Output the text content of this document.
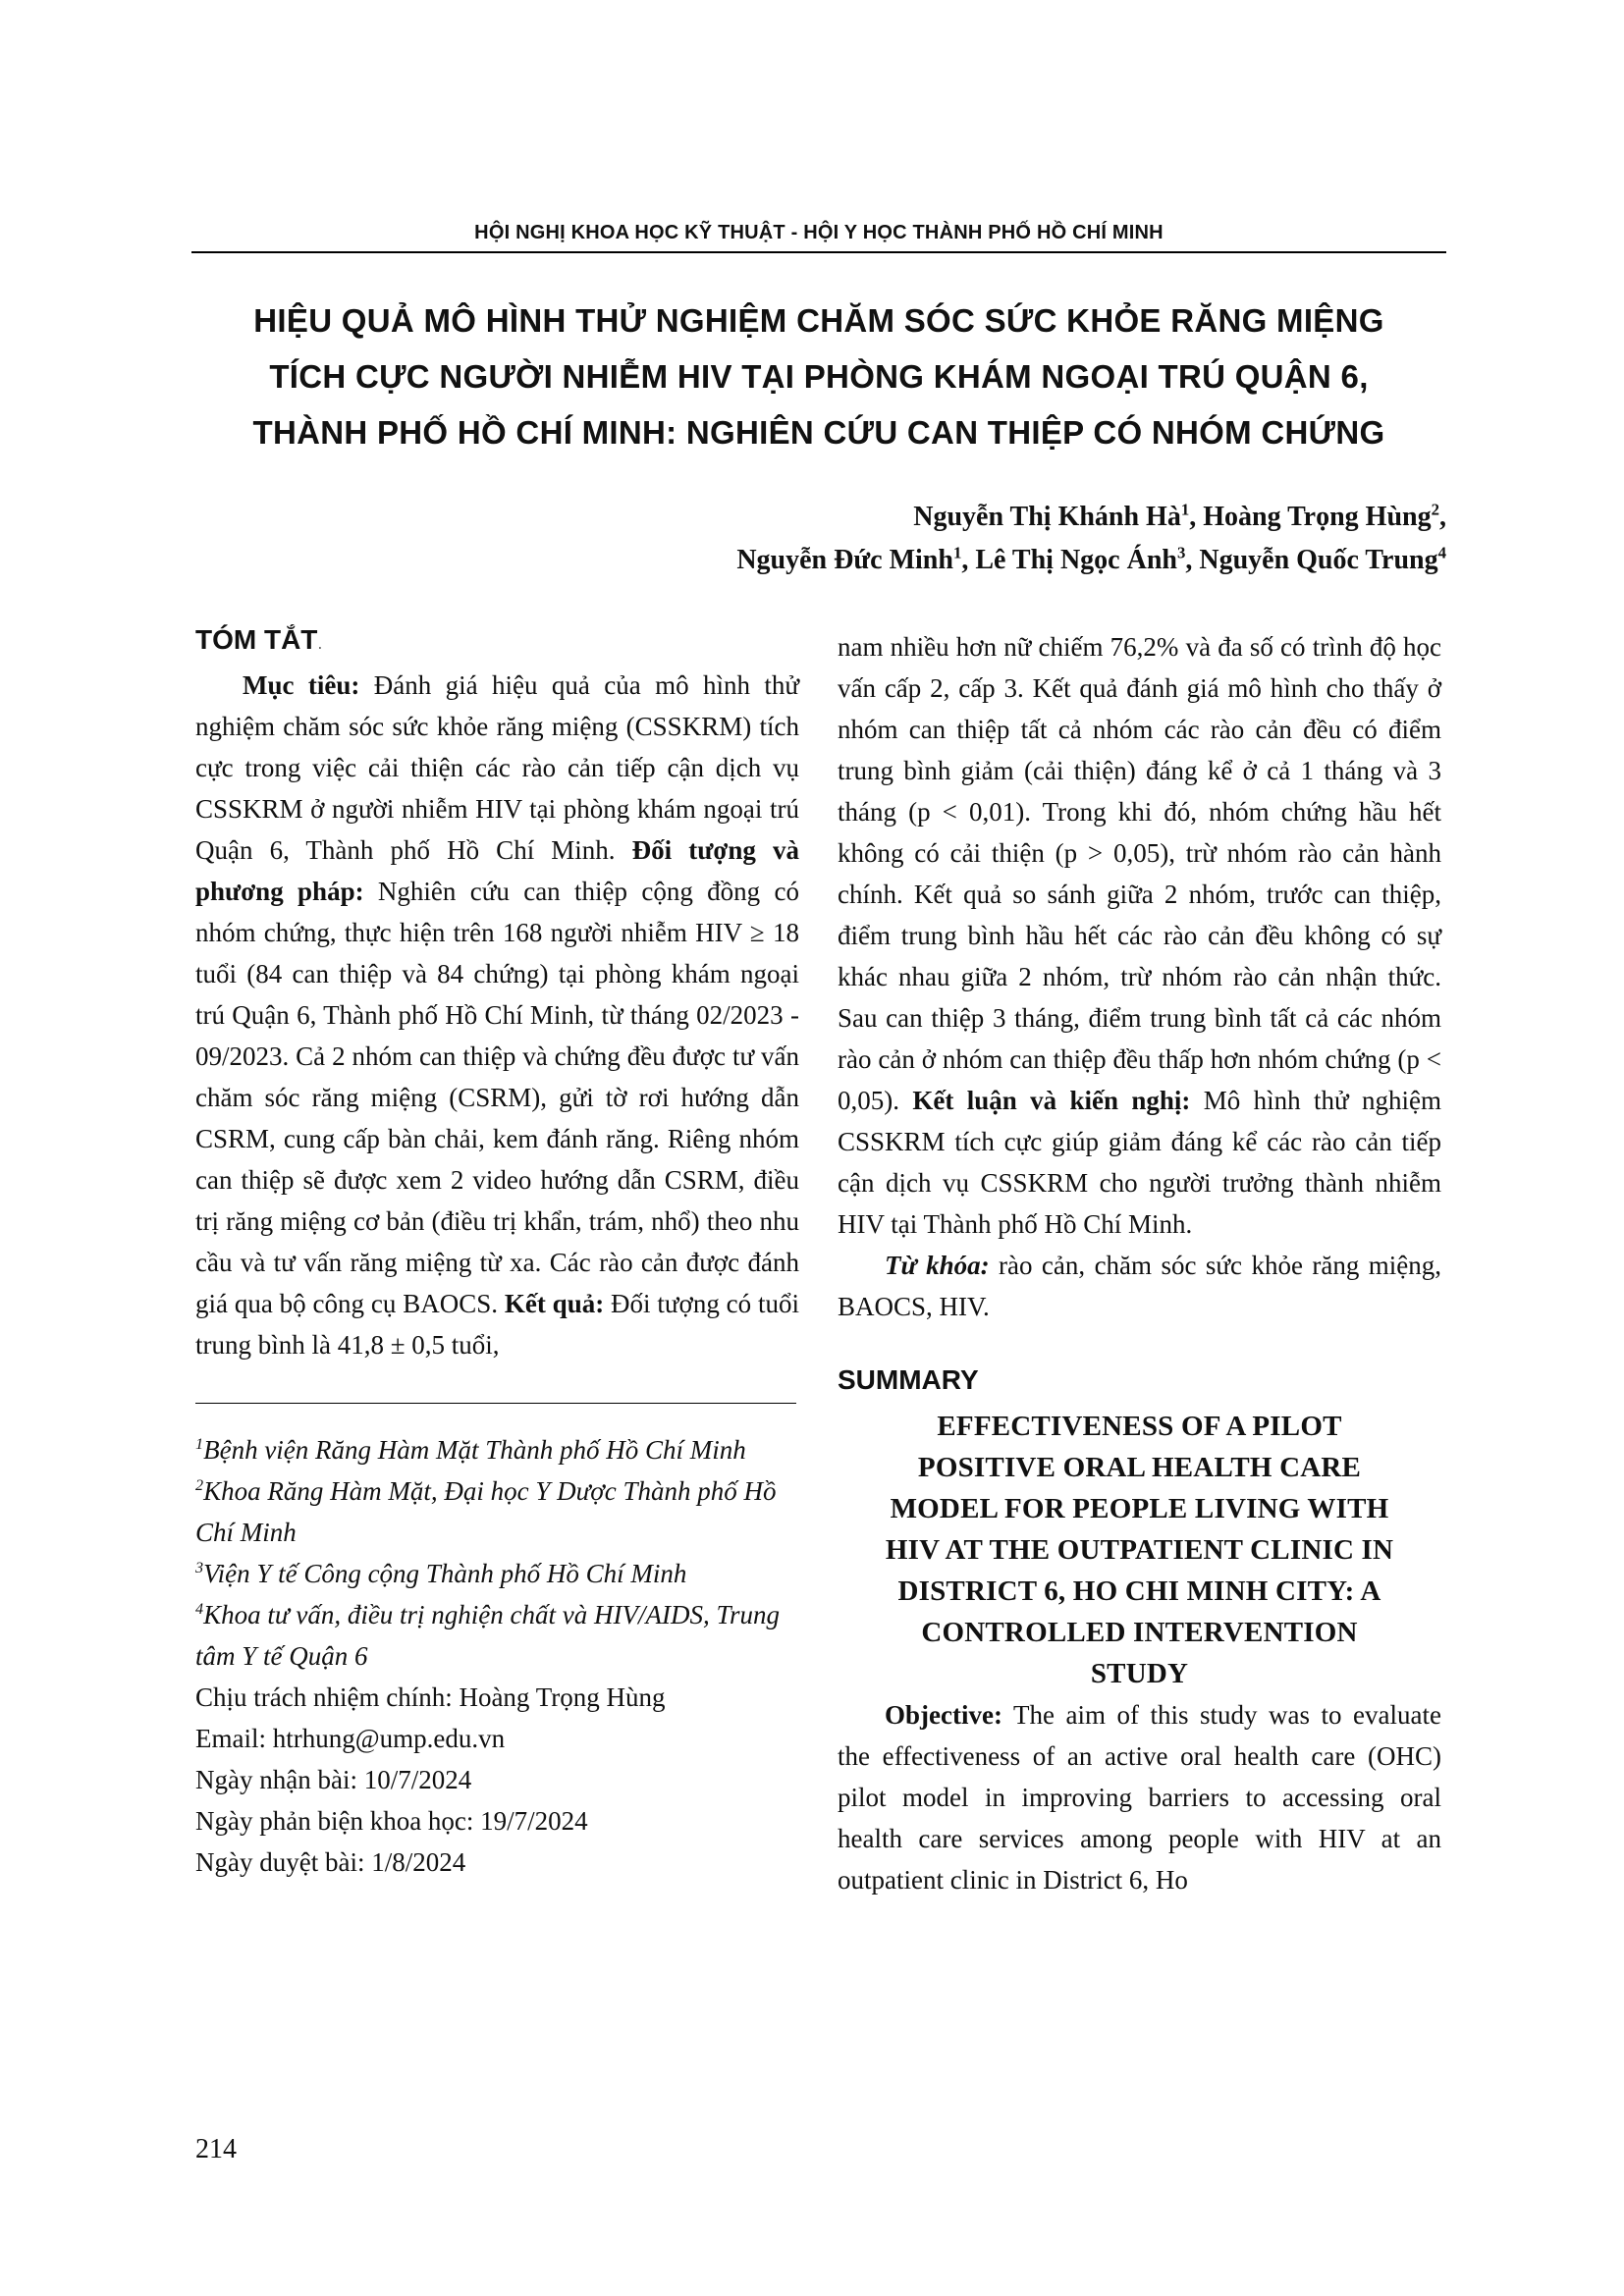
HỘI NGHỊ KHOA HỌC KỸ THUẬT - HỘI Y HỌC THÀNH PHỐ HỒ CHÍ MINH
HIỆU QUẢ MÔ HÌNH THỬ NGHIỆM CHĂM SÓC SỨC KHỎE RĂNG MIỆNG
TÍCH CỰC NGƯỜI NHIỄM HIV TẠI PHÒNG KHÁM NGOẠI TRÚ QUẬN 6,
THÀNH PHỐ HỒ CHÍ MINH: NGHIÊN CỨU CAN THIỆP CÓ NHÓM CHỨNG
Nguyễn Thị Khánh $Hà^1$, Hoàng Trọng Hùng$^2$,
Nguyễn Đức Minh$^1$, Lê Thị Ngọc Ánh$^3$, Nguyễn Quốc Trung$^4$
TÓM TẮT.

Mục tiêu: Đánh giá hiệu quả của mô hình thử nghiệm chăm sóc sức khỏe răng miệng (CSSKRM) tích cực trong việc cải thiện các rào cản tiếp cận dịch vụ CSSKRM ở người nhiễm HIV tại phòng khám ngoại trú Quận 6, Thành phố Hồ Chí Minh. Đối tượng và phương pháp: Nghiên cứu can thiệp cộng đồng có nhóm chứng, thực hiện trên 168 người nhiễm HIV ≥ 18 tuổi (84 can thiệp và 84 chứng) tại phòng khám ngoại trú Quận 6, Thành phố Hồ Chí Minh, từ tháng 02/2023 - 09/2023. Cả 2 nhóm can thiệp và chứng đều được tư vấn chăm sóc răng miệng (CSRM), gửi tờ rơi hướng dẫn CSRM, cung cấp bàn chải, kem đánh răng. Riêng nhóm can thiệp sẽ được xem 2 video hướng dẫn CSRM, điều trị răng miệng cơ bản (điều trị khẩn, trám, nhổ) theo nhu cầu và tư vấn răng miệng từ xa. Các rào cản được đánh giá qua bộ công cụ BAOCS. Kết quả: Đối tượng có tuổi trung bình là 41,8 ± 0,5 tuổi,

$^1$Bệnh viện Răng Hàm Mặt Thành phố Hồ Chí Minh

$^2$Khoa Răng Hàm Mặt, Đại học Y Dược Thành phố Hồ Chí Minh

$^3$Viện Y tế Công cộng Thành phố Hồ Chí Minh

$^4$Khoa tư vấn, điều trị nghiện chất và HIV/AIDS, Trung tâm Y tế Quận 6

Chịu trách nhiệm chính: Hoàng Trọng Hùng

Email: htrhung@ump.edu.vn

Ngày nhận bài: 10/7/2024

Ngày phản biện khoa học: 19/7/2024

Ngày duyệt bài: 1/8/2024

nam nhiều hơn nữ chiếm 76,2% và đa số có trình độ học vấn cấp 2, cấp 3. Kết quả đánh giá mô hình cho thấy ở nhóm can thiệp tất cả nhóm các rào cản đều có điểm trung bình giảm (cải thiện) đáng kể ở cả 1 tháng và 3 tháng (p < 0,01). Trong khi đó, nhóm chứng hầu hết không có cải thiện (p > 0,05), trừ nhóm rào cản hành chính. Kết quả so sánh giữa 2 nhóm, trước can thiệp, điểm trung bình hầu hết các rào cản đều không có sự khác nhau giữa 2 nhóm, trừ nhóm rào cản nhận thức. Sau can thiệp 3 tháng, điểm trung bình tất cả các nhóm rào cản ở nhóm can thiệp đều thấp hơn nhóm chứng (p < 0,05). Kết luận và kiến nghị: Mô hình thử nghiệm CSSKRM tích cực giúp giảm đáng kể các rào cản tiếp cận dịch vụ CSSKRM cho người trưởng thành nhiễm HIV tại Thành phố Hồ Chí Minh.

Từ khóa: rào cản, chăm sóc sức khỏe răng miệng, BAOCS, HIV.

SUMMARY
EFFECTIVENESS OF A PILOT
POSITIVE ORAL HEALTH CARE
MODEL FOR PEOPLE LIVING WITH
HIV AT THE OUTPATIENT CLINIC IN
DISTRICT 6, HO CHI MINH CITY: A
CONTROLLED INTERVENTION
STUDY

Objective: The aim of this study was to evaluate the effectiveness of an active oral health care (OHC) pilot model in improving barriers to accessing oral health care services among people with HIV at an outpatient clinic in District 6, Ho

214
